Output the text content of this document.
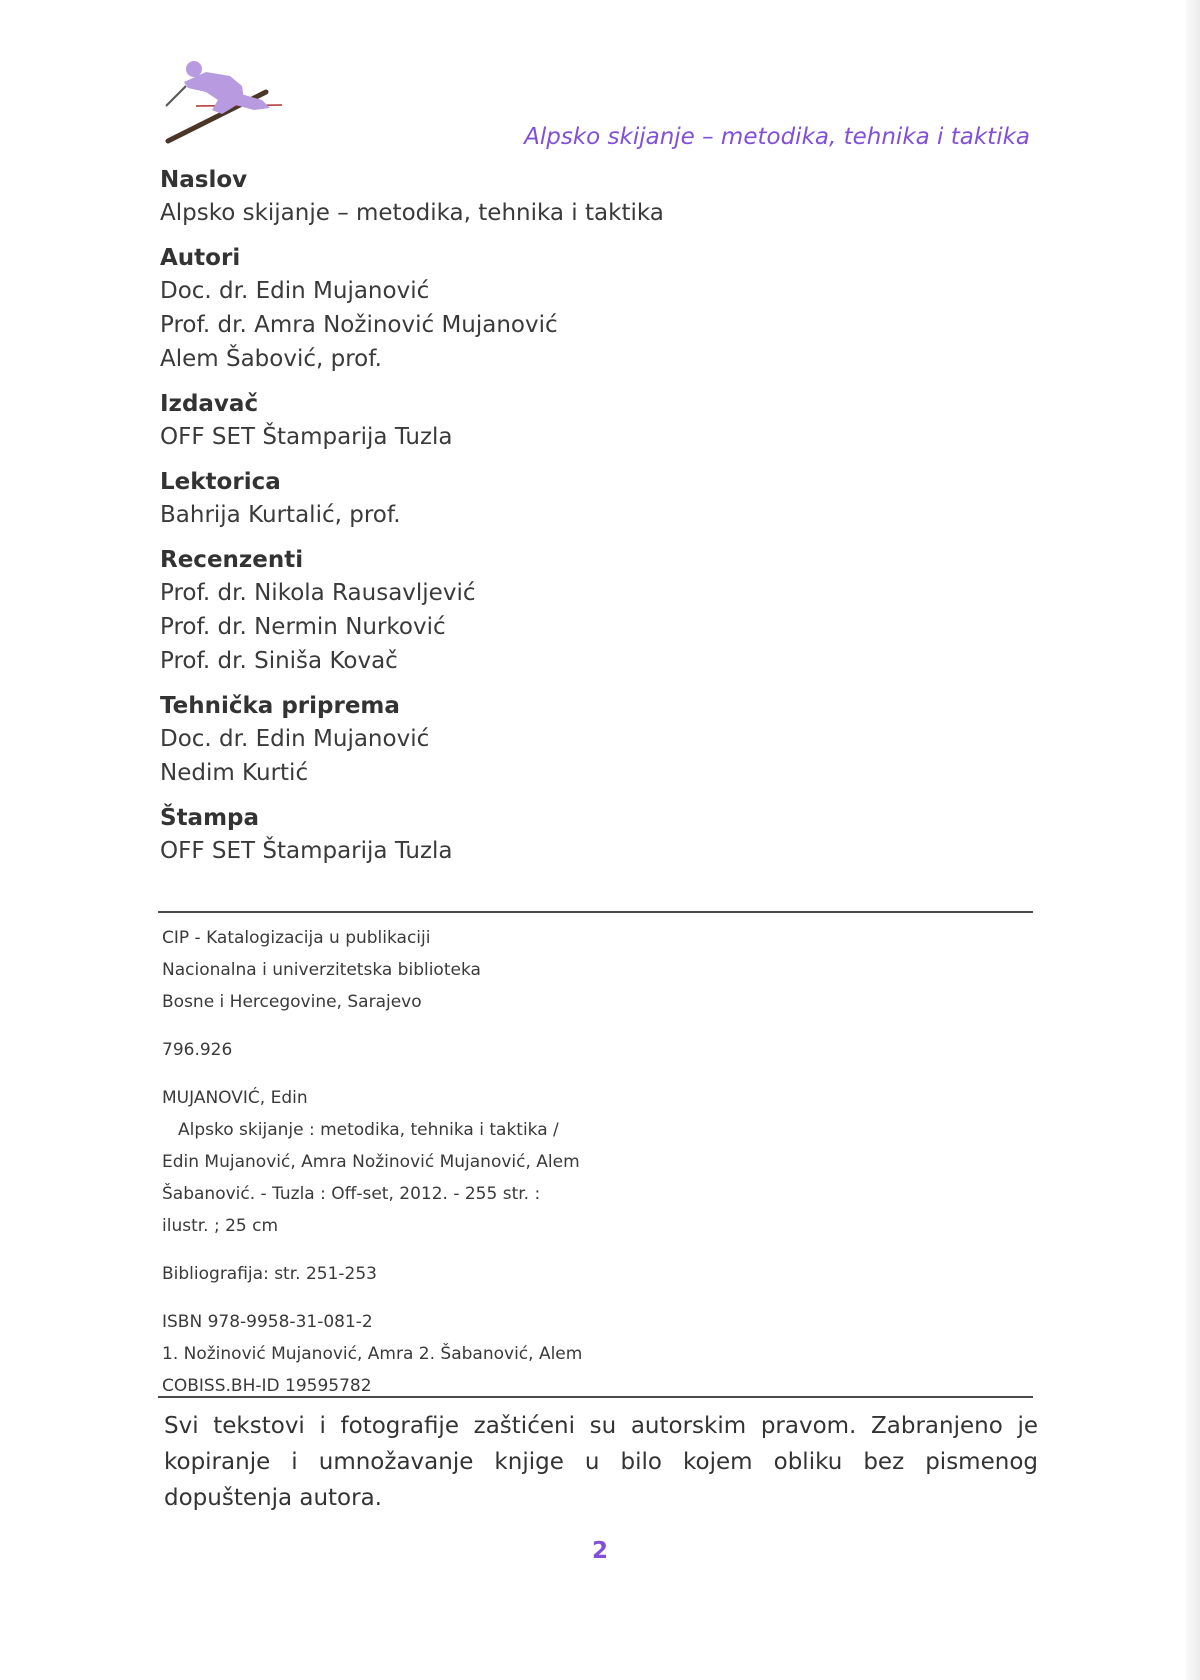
Alpsko skijanje – metodika, tehnika i taktika
Naslov
Alpsko skijanje – metodika, tehnika i taktika
Autori
Doc. dr. Edin Mujanović
Prof. dr. Amra Nožinović Mujanović
Alem Šabović, prof.
Izdavač
OFF SET Štamparija Tuzla
Lektorica
Bahrija Kurtalić, prof.
Recenzenti
Prof. dr. Nikola Rausavljević
Prof. dr. Nermin Nurković
Prof. dr. Siniša Kovač
Tehnička priprema
Doc. dr. Edin Mujanović
Nedim Kurtić
Štampa
OFF SET Štamparija Tuzla
CIP - Katalogizacija u publikaciji
Nacionalna i univerzitetska biblioteka
Bosne i Hercegovine, Sarajevo
796.926
MUJANOVIĆ, Edin
Alpsko skijanje : metodika, tehnika i taktika /
Edin Mujanović, Amra Nožinović Mujanović, Alem
Šabanović. - Tuzla : Off-set, 2012. - 255 str. :
ilustr. ; 25 cm
Bibliografija: str. 251-253
ISBN 978-9958-31-081-2
1. Nožinović Mujanović, Amra 2. Šabanović, Alem
COBISS.BH-ID 19595782
Svi tekstovi i fotografije zaštićeni su autorskim pravom. Zabranjeno je kopiranje i umnožavanje knjige u bilo kojem obliku bez pismenog dopuštenja autora.
2
